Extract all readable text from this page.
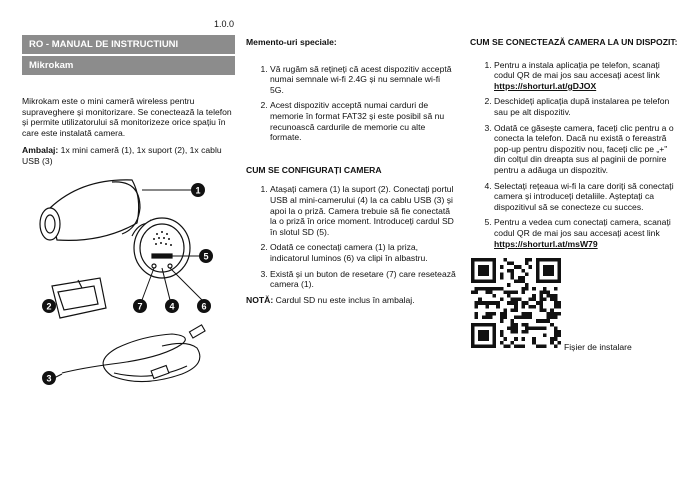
1.0.0
RO - MANUAL DE INSTRUCTIUNI
Mikrokam

Mikrokam este o mini cameră wireless pentru supraveghere și monitorizare. Se conectează la telefon și permite utilizatorului să monitorizeze orice spațiu în care este instalată camera.

Ambalaj: 1x mini cameră (1), 1x suport (2), 1x cablu USB (3)

1
2
3
5
7	4	6
Memento-uri speciale:
1. Vă rugăm să rețineți că acest dispozitiv acceptă numai semnale wi-fi 2.4G și nu semnale wi-fi 5G.
2. Acest dispozitiv acceptă numai carduri de memorie în format FAT32 și este posibil să nu recunoască cardurile de memorie cu alte formate.
CUM SE CONFIGURAȚI CAMERA
1. Atașați camera (1) la suport (2). Conectați portul USB al mini-camerului (4) la ca cablu USB (3) și apoi la o priză. Camera trebuie să fie conectată la o priză în orice moment. Introduceți cardul SD în slotul SD (5).
2. Odată ce conectați camera (1) la priza, indicatorul luminos (6) va clipi în albastru.
3. Există și un buton de resetare (7) care resetează camera (1).
NOTĂ: Cardul SD nu este inclus în ambalaj.
CUM SE CONECTEAZĂ CAMERA LA UN DISPOZIT:
1. Pentru a instala aplicația pe telefon, scanați codul QR de mai jos sau accesați acest link https://shorturl.at/gDJOX
2. Deschideți aplicația după instalarea pe telefon sau pe alt dispozitiv.
3. Odată ce găsește camera, faceți clic pentru a o conecta la telefon. Dacă nu există o fereastră pop-up pentru dispozitiv nou, faceți clic pe „+" din colțul din dreapta sus al paginii de pornire pentru a adăuga un dispozitiv.
4. Selectați rețeaua wi-fi la care doriți să conectați camera și introduceți detaliile. Așteptați ca dispozitivul să se conecteze cu succes.
5. Pentru a vedea cum conectați camera, scanați codul QR de mai jos sau accesați acest link https://shorturl.at/msW79
Fișier de instalare
